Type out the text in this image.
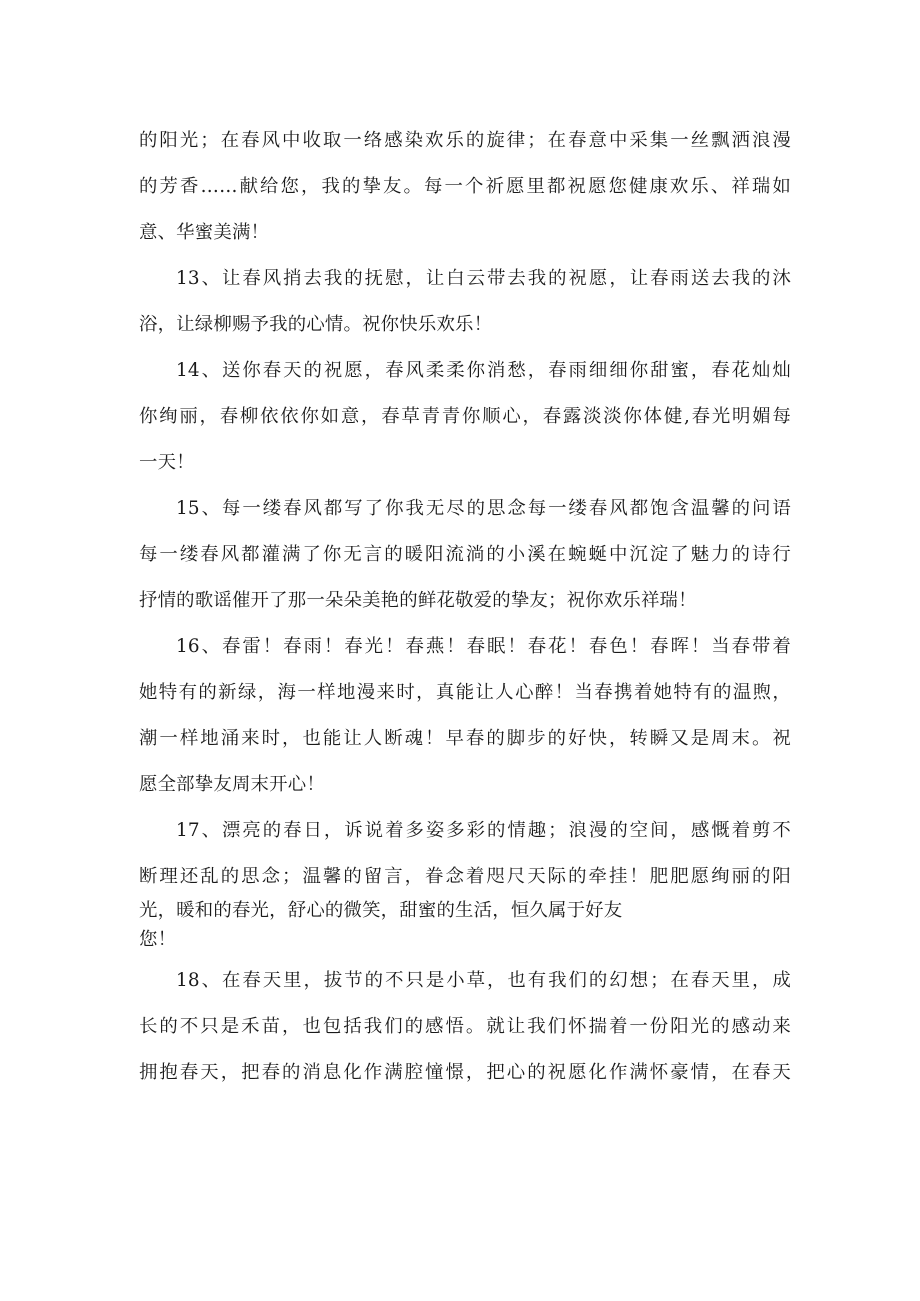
的阳光；在春风中收取一络感染欢乐的旋律；在春意中采集一丝飘洒浪漫
的芳香……献给您，我的挚友。每一个祈愿里都祝愿您健康欢乐、祥瑞如
意、华蜜美满！
13、让春风捎去我的抚慰，让白云带去我的祝愿，让春雨送去我的沐
浴，让绿柳赐予我的心情。祝你快乐欢乐！
14、送你春天的祝愿，春风柔柔你消愁，春雨细细你甜蜜，春花灿灿
你绚丽，春柳依依你如意，春草青青你顺心，春露淡淡你体健,春光明媚每
一天！
15、每一缕春风都写了你我无尽的思念每一缕春风都饱含温馨的问语
每一缕春风都灌满了你无言的暖阳流淌的小溪在蜿蜒中沉淀了魅力的诗行
抒情的歌谣催开了那一朵朵美艳的鲜花敬爱的挚友；祝你欢乐祥瑞！
16、春雷！春雨！春光！春燕！春眠！春花！春色！春晖！当春带着
她特有的新绿，海一样地漫来时，真能让人心醉！当春携着她特有的温煦，
潮一样地涌来时，也能让人断魂！早春的脚步的好快，转瞬又是周末。祝
愿全部挚友周末开心！
17、漂亮的春日，诉说着多姿多彩的情趣；浪漫的空间，感慨着剪不
断理还乱的思念；温馨的留言，眷念着咫尺天际的牵挂！肥肥愿绚丽的阳
光，暖和的春光，舒心的微笑，甜蜜的生活，恒久属于好友
您！
18、在春天里，拔节的不只是小草，也有我们的幻想；在春天里，成
长的不只是禾苗，也包括我们的感悟。就让我们怀揣着一份阳光的感动来
拥抱春天，把春的消息化作满腔憧憬，把心的祝愿化作满怀豪情，在春天
